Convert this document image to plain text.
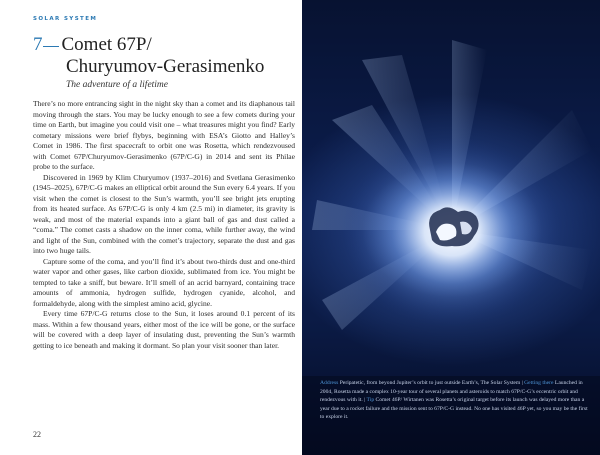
SOLAR SYSTEM
7 Comet 67P/
Churyumov-Gerasimenko
The adventure of a lifetime

There’s no more entrancing sight in the night sky than a comet and its diaphanous tail moving through the stars. You may be lucky enough to see a few comets during your time on Earth, but imagine you could visit one – what treasures might you find? Early cometary missions were brief flybys, beginning with ESA’s Giotto and Halley’s Comet in 1986. The first spacecraft to orbit one was Rosetta, which rendezvoused with Comet 67P/Churyumov-Gerasimenko (67P/C-G) in 2014 and sent its Philae probe to the surface.

Discovered in 1969 by Klim Churyumov (1937–2016) and Svetlana Gerasimenko (1945–2025), 67P/C-G makes an elliptical orbit around the Sun every 6.4 years. If you visit when the comet is closest to the Sun’s warmth, you’ll see bright jets erupting from its heated surface. As 67P/C-G is only 4 km (2.5 mi) in diameter, its gravity is weak, and most of the material expands into a giant ball of gas and dust called a “coma.” The comet casts a shadow on the inner coma, while further away, the wind and light of the Sun, combined with the comet’s trajectory, separate the dust and gas into two huge tails.

Capture some of the coma, and you’ll find it’s about two-thirds dust and one-third water vapor and other gases, like carbon dioxide, sublimated from ice. You might be tempted to take a sniff, but beware. It’ll smell of an acrid barnyard, containing trace amounts of ammonia, hydrogen sulfide, hydrogen cyanide, alcohol, and formaldehyde, along with the simplest amino acid, glycine.

Every time 67P/C-G returns close to the Sun, it loses around 0.1 percent of its mass. Within a few thousand years, either most of the ice will be gone, or the surface will be covered with a deep layer of insulating dust, preventing the Sun’s warmth getting to ice beneath and making it dormant. So plan your visit sooner than later.

22
Address Peripatetic, from beyond Jupiter’s orbit to just outside Earth’s, The Solar System | Getting there Launched in 2004, Rosetta made a complex 10-year tour of several planets and asteroids to match 67P/C-G’s eccentric orbit and rendezvous with it. | Tip Comet 46P/ Wirtanen was Rosetta’s original target before its launch was delayed more than a year due to a rocket failure and the mission sent to 67P/C-G instead. No one has visited 46P yet, so you may be the first to explore it.
